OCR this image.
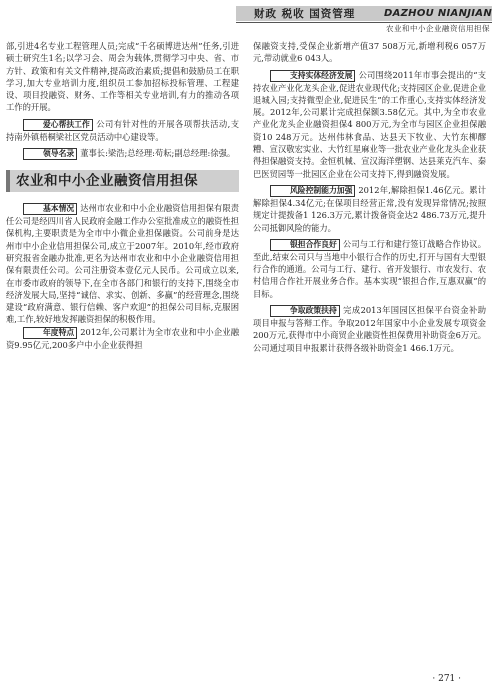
财政 税收 国资管理	DAZHOU NIANJIAN
农业和中小企业融资信用担保

部,引进4名专业工程管理人员;完成“千名硕博进达州”任务,引进硕士研究生1名;以学习会、周会为载体,贯彻学习中央、省、市方针、政策和有关文件精神,提高政治素质;提倡和鼓励员工在职学习,加大专业培训力度,组织员工参加招标投标管理、工程建设、项目投融资、财务、工作等相关专业培训,有力的推动各项工作的开展。

爱心帮扶工作 公司有针对性的开展各项帮扶活动,支持南外镇梧桐梁社区党员活动中心建设等。

领导名录 董事长:梁浩;总经理:苟耘;副总经理:徐强。

农业和中小企业融资信用担保

基本情况 达州市农业和中小企业融资信用担保有限责任公司是经四川省人民政府金融工作办公室批准成立的融资性担保机构,主要职责是为全市中小微企业担保融资。公司前身是达州市中小企业信用担保公司,成立于2007年。2010年,经市政府研究报省金融办批准,更名为达州市农业和中小企业融资信用担保有限责任公司。公司注册资本壹亿元人民币。公司成立以来,在市委市政府的领导下,在全市各部门和银行的支持下,围绕全市经济发展大局,坚持“诚信、求实、创新、多赢”的经营理念,围绕建设“政府满意、银行信赖、客户欢迎”的担保公司目标,克服困难,工作,较好地发挥融资担保的积极作用。

年度特点 2012年,公司累计为全市农业和中小企业融资9.95亿元,200多户中小企业获得担

保融资支持,受保企业新增产值37 508万元,新增利税6 057万元,带动就业6 043人。

支持实体经济发展 公司围绕2011年市事会提出的“支持农业产业化龙头企业,促进农业现代化;支持园区企业,促进企业退城入园;支持微型企业,促进民生”的工作重心,支持实体经济发展。2012年,公司累计完成担保额3.58亿元。其中,为全市农业产业化龙头企业融资担保4 800万元,为全市与园区企业担保融资10 248万元。达州伟林食品、达县天下牧业、大竹东柳醪糟、宣汉敬宏实业、大竹红星麻业等一批农业产业化龙头企业获得担保融资支持。金恒机械、宣汉海洋塑钢、达县莱克汽车、秦巴医贸园等一批园区企业在公司支持下,得到融资发展。

风险控制能力加强 2012年,解除担保1.46亿元。累计解除担保4.34亿元;在保项目经营正常,没有发现异常情况;按照规定计提拨备1 126.3万元,累计拨备资金达2 486.73万元,提升公司抵御风险的能力。

银担合作良好 公司与工行和建行签订战略合作协议。至此,结束公司只与当地中小银行合作的历史,打开与国有大型银行合作的通道。公司与工行、建行、省开发银行、市农发行、农村信用合作社开展业务合作。基本实现“银担合作,互惠双赢”的目标。

争取政策扶持 完成2013年国园区担保平台资金补助项目申报与答辩工作。争取2012年国家中小企业发展专项资金200万元,获得市中小商贸企业融资性担保费用补助资金6万元。公司通过项目申报累计获得各级补助资金1 466.1万元。

· 271 ·
